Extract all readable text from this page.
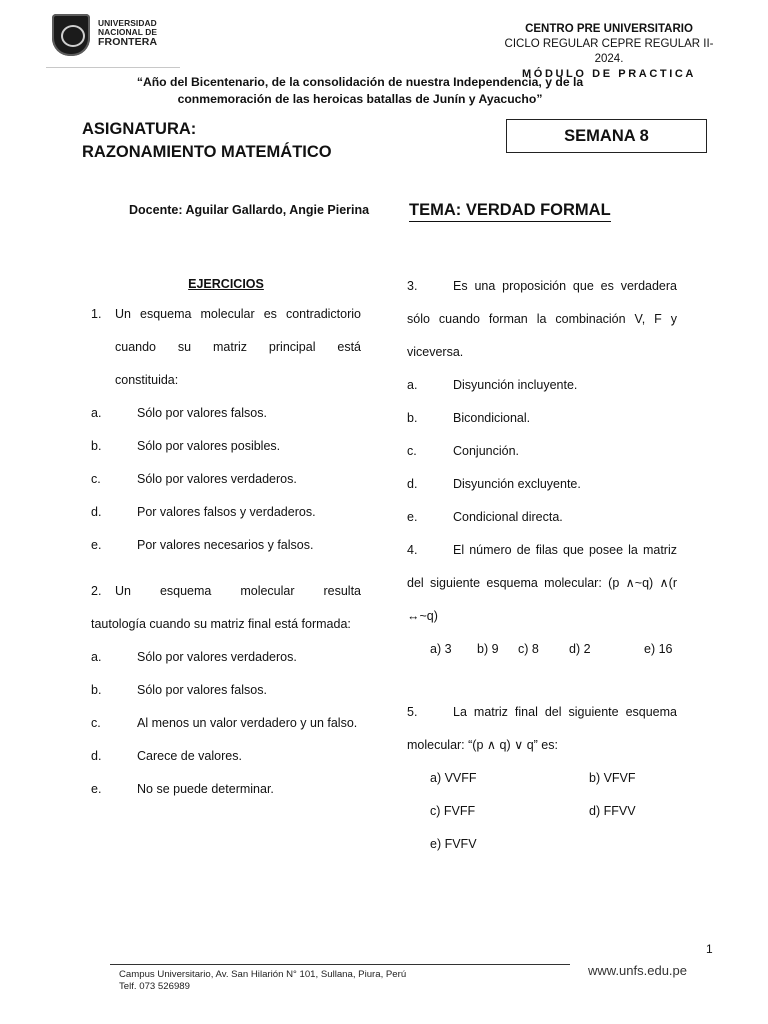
UNIVERSIDAD
NACIONAL DE
FRONTERA
CENTRO PRE UNIVERSITARIO
CICLO REGULAR CEPRE REGULAR II-2024.
MÓDULO DE PRACTICA
“Año del Bicentenario, de la consolidación de nuestra Independencia, y de la
conmemoración de las heroicas batallas de Junín y Ayacucho”
ASIGNATURA:
RAZONAMIENTO MATEMÁTICO
SEMANA 8
Docente: Aguilar Gallardo, Angie Pierina TEMA: VERDAD FORMAL
EJERCICIOS
1.	Un esquema molecular es contradictorio
cuando su matriz principal está
constituida:
a.	Sólo por valores falsos.
b.	Sólo por valores posibles.
c.	Sólo por valores verdaderos.
d.	Por valores falsos y verdaderos.
e.	Por valores necesarios y falsos.
2.	Un esquema molecular resulta
tautología cuando su matriz final está formada:
a.	Sólo por valores verdaderos.
b.	Sólo por valores falsos.
c.	Al menos un valor verdadero y un falso.
d.	Carece de valores.
e.	No se puede determinar.
3.	Es una proposición que es verdadera
sólo cuando forman la combinación V, F y
viceversa.
a.	Disyunción incluyente.
b.	Bicondicional.
c.	Conjunción.
d.	Disyunción excluyente.
e.	Condicional directa.
4.	El número de filas que posee la matriz
del siguiente esquema molecular: (p ∧~q) ∧(r
↔~q)
a) 3 b) 9 c) 8 d) 2	e) 16
5.	La matriz final del siguiente esquema
molecular: “(p ∧ q) ∨ q” es:
a) VVFF	b) VFVF
c) FVFF	d) FFVV
e) FVFV
1
Campus Universitario, Av. San Hilarión N° 101, Sullana, Piura, Perú
Telf. 073 526989
www.unfs.edu.pe
